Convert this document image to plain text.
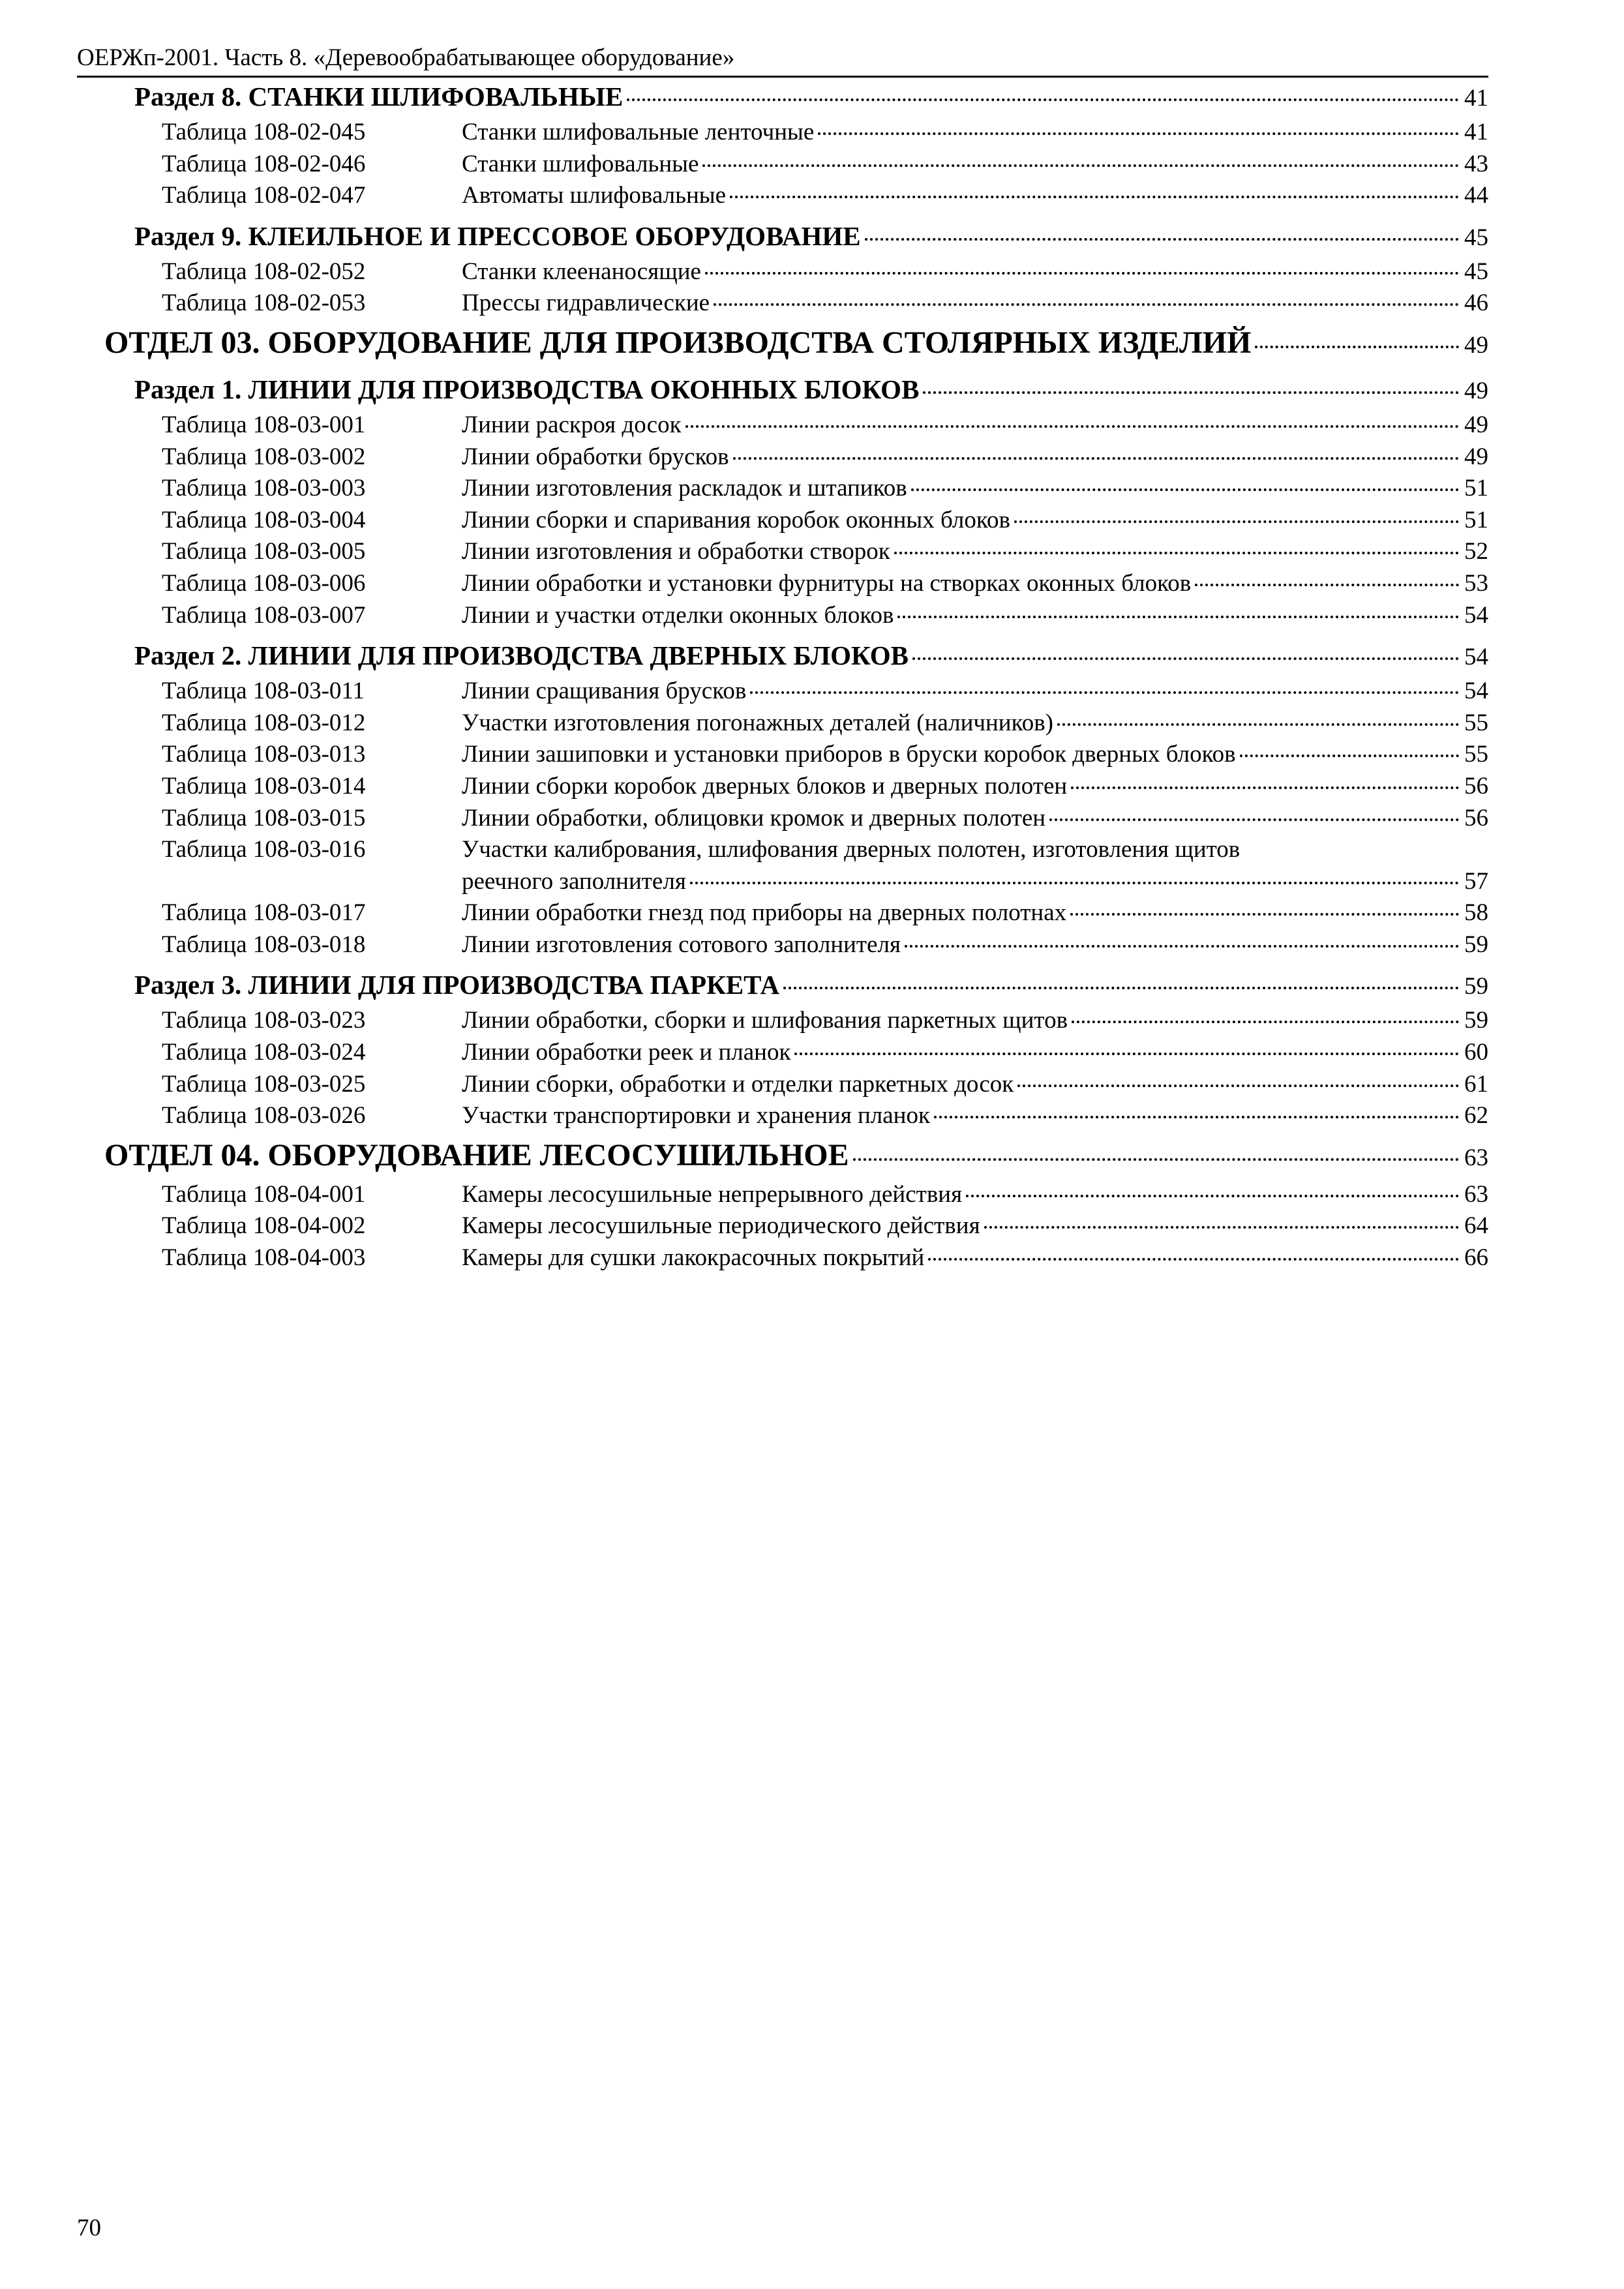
ОЕРЖп-2001. Часть 8. «Деревообрабатывающее оборудование»
Раздел 8. СТАНКИ ШЛИФОВАЛЬНЫЕ	41
Таблица 108-02-045	Станки шлифовальные ленточные	41
Таблица 108-02-046	Станки шлифовальные	43
Таблица 108-02-047	Автоматы шлифовальные	44
Раздел 9. КЛЕИЛЬНОЕ И ПРЕССОВОЕ ОБОРУДОВАНИЕ	45
Таблица 108-02-052	Станки клеенаносящие	45
Таблица 108-02-053	Прессы гидравлические	46
ОТДЕЛ 03. ОБОРУДОВАНИЕ ДЛЯ ПРОИЗВОДСТВА СТОЛЯРНЫХ ИЗДЕЛИЙ	49
Раздел 1. ЛИНИИ ДЛЯ ПРОИЗВОДСТВА ОКОННЫХ БЛОКОВ	49
Таблица 108-03-001	Линии раскроя досок	49
Таблица 108-03-002	Линии обработки брусков	49
Таблица 108-03-003	Линии изготовления раскладок и штапиков	51
Таблица 108-03-004	Линии сборки и спаривания коробок оконных блоков	51
Таблица 108-03-005	Линии изготовления и обработки створок	52
Таблица 108-03-006	Линии обработки и установки фурнитуры на створках оконных блоков	53
Таблица 108-03-007	Линии и участки отделки оконных блоков	54
Раздел 2. ЛИНИИ ДЛЯ ПРОИЗВОДСТВА ДВЕРНЫХ БЛОКОВ	54
Таблица 108-03-011	Линии сращивания брусков	54
Таблица 108-03-012	Участки изготовления погонажных деталей (наличников)	55
Таблица 108-03-013	Линии зашиповки и установки приборов в бруски коробок дверных блоков	55
Таблица 108-03-014	Линии сборки коробок дверных блоков и дверных полотен	56
Таблица 108-03-015	Линии обработки, облицовки кромок и дверных полотен	56
Таблица 108-03-016	Участки калибрования, шлифования дверных полотен, изготовления щитов
реечного заполнителя	57
Таблица 108-03-017	Линии обработки гнезд под приборы на дверных полотнах	58
Таблица 108-03-018	Линии изготовления сотового заполнителя	59
Раздел 3. ЛИНИИ ДЛЯ ПРОИЗВОДСТВА ПАРКЕТА	59
Таблица 108-03-023	Линии обработки, сборки и шлифования паркетных щитов	59
Таблица 108-03-024	Линии обработки реек и планок	60
Таблица 108-03-025	Линии сборки, обработки и отделки паркетных досок	61
Таблица 108-03-026	Участки транспортировки и хранения планок	62
ОТДЕЛ 04. ОБОРУДОВАНИЕ ЛЕСОСУШИЛЬНОЕ	63
Таблица 108-04-001	Камеры лесосушильные непрерывного действия	63
Таблица 108-04-002	Камеры лесосушильные периодического действия	64
Таблица 108-04-003	Камеры для сушки лакокрасочных покрытий	66
70
